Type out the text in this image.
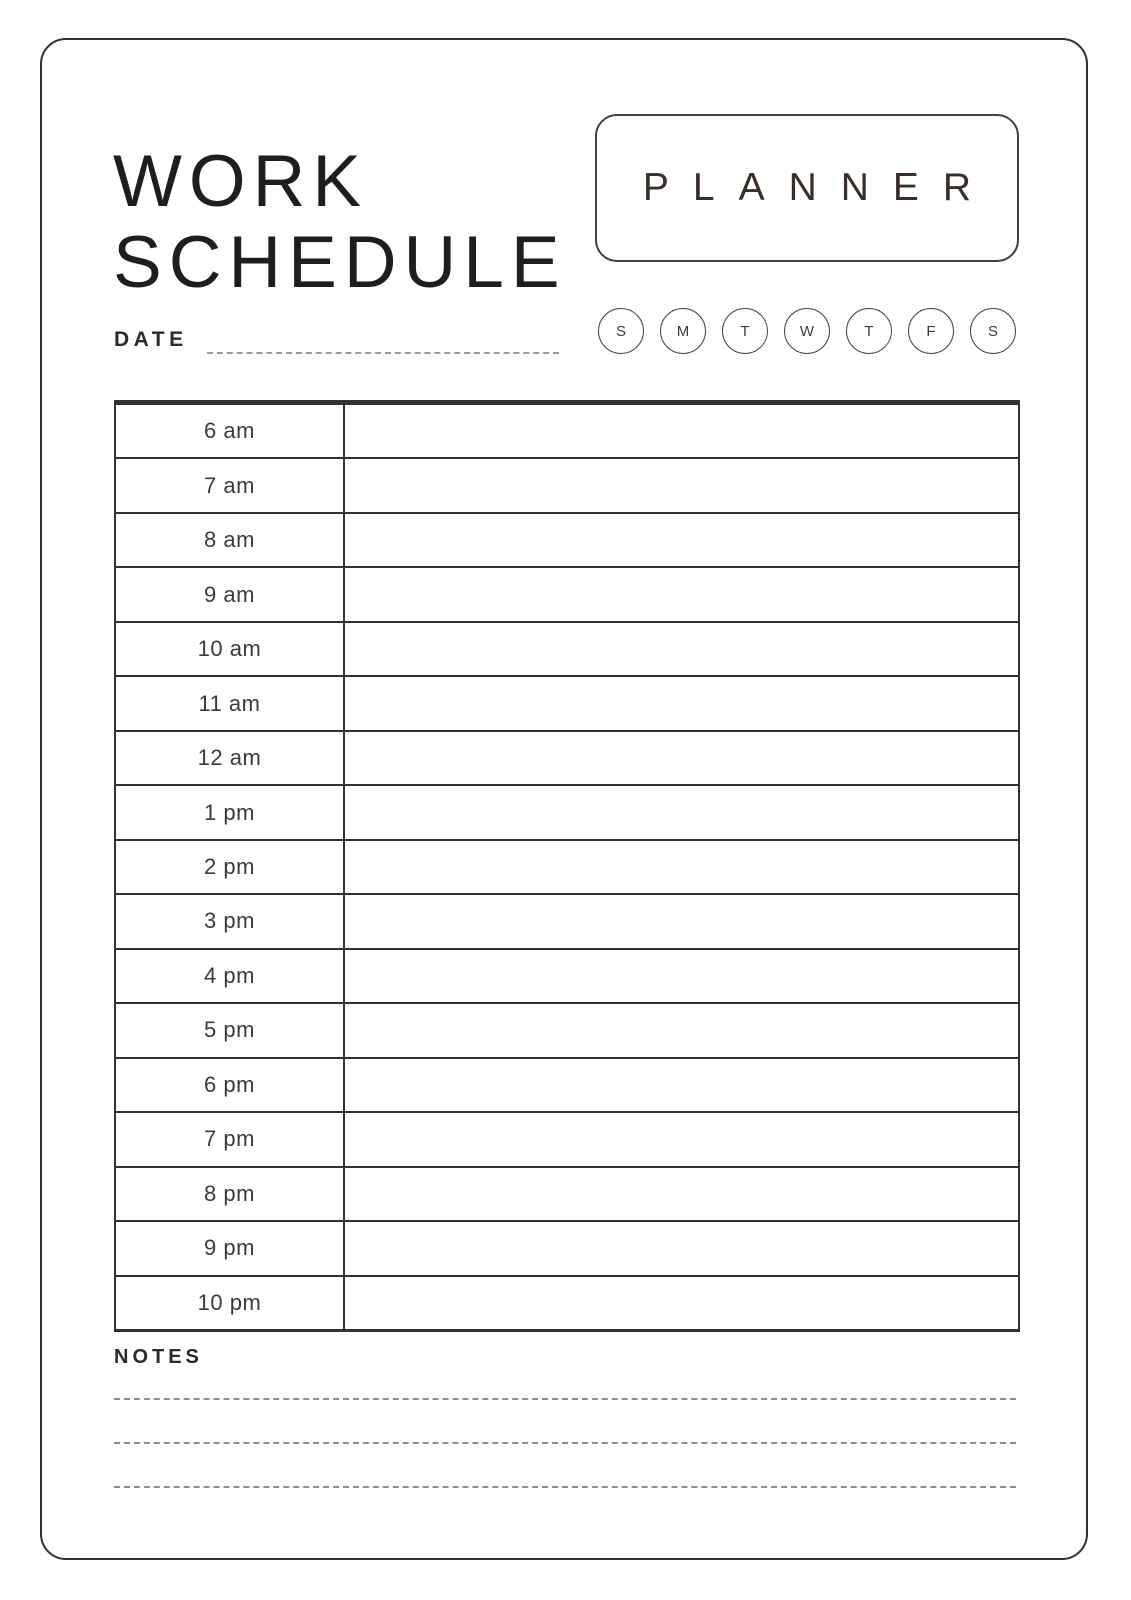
WORK
SCHEDULE
PLANNER
DATE	S	M	T	W	T	F	S
6 am
7 am
8 am
9 am
10 am
11 am
12 am
1 pm
2 pm
3 pm
4 pm
5 pm
6 pm
7 pm
8 pm
9 pm
10 pm
NOTES
